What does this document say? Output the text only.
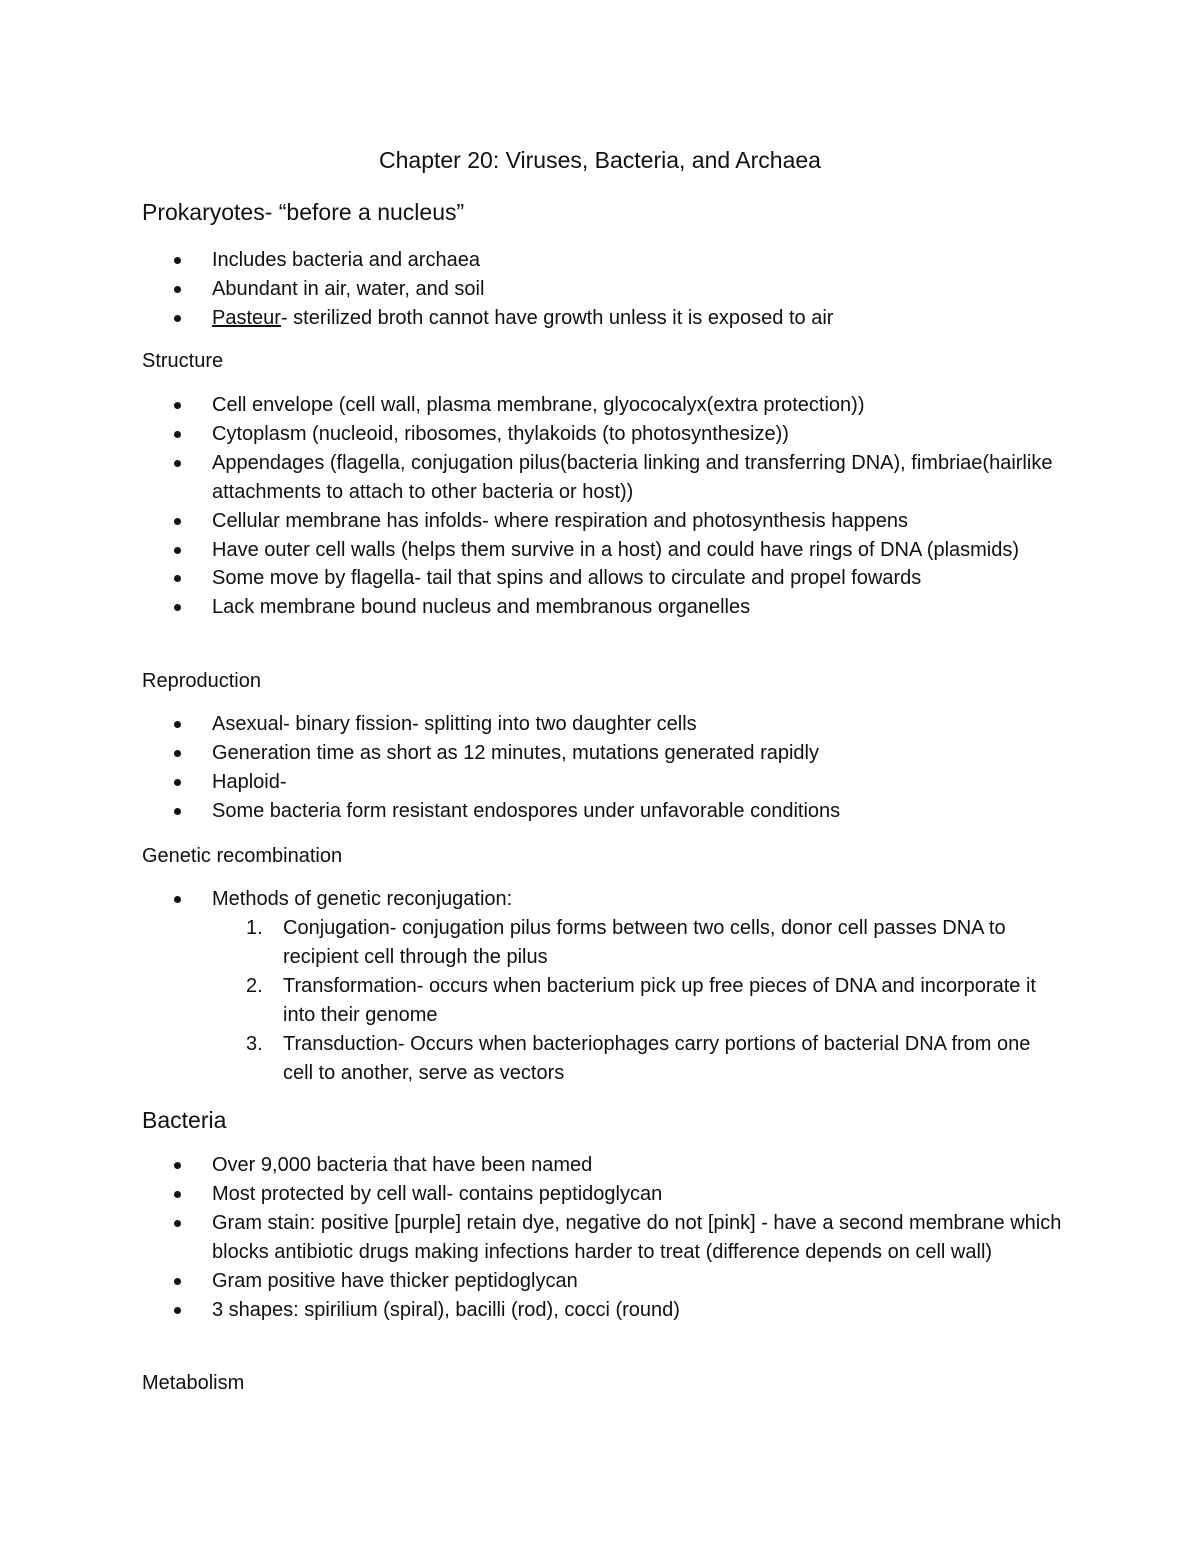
Chapter 20: Viruses, Bacteria, and Archaea
Prokaryotes- “before a nucleus”
Includes bacteria and archaea
Abundant in air, water, and soil
Pasteur- sterilized broth cannot have growth unless it is exposed to air
Structure
Cell envelope (cell wall, plasma membrane, glyococalyx(extra protection))
Cytoplasm (nucleoid, ribosomes, thylakoids (to photosynthesize))
Appendages (flagella, conjugation pilus(bacteria linking and transferring DNA), fimbriae(hairlike attachments to attach to other bacteria or host))
Cellular membrane has infolds- where respiration and photosynthesis happens
Have outer cell walls (helps them survive in a host) and could have rings of DNA (plasmids)
Some move by flagella- tail that spins and allows to circulate and propel fowards
Lack membrane bound nucleus and membranous organelles
Reproduction
Asexual- binary fission- splitting into two daughter cells
Generation time as short as 12 minutes, mutations generated rapidly
Haploid-
Some bacteria form resistant endospores under unfavorable conditions
Genetic recombination
Methods of genetic reconjugation:
1. Conjugation- conjugation pilus forms between two cells, donor cell passes DNA to recipient cell through the pilus
2. Transformation- occurs when bacterium pick up free pieces of DNA and incorporate it into their genome
3. Transduction- Occurs when bacteriophages carry portions of bacterial DNA from one cell to another, serve as vectors
Bacteria
Over 9,000 bacteria that have been named
Most protected by cell wall- contains peptidoglycan
Gram stain: positive [purple] retain dye, negative do not [pink] - have a second membrane which blocks antibiotic drugs making infections harder to treat (difference depends on cell wall)
Gram positive have thicker peptidoglycan
3 shapes: spirilium (spiral), bacilli (rod), cocci (round)
Metabolism
